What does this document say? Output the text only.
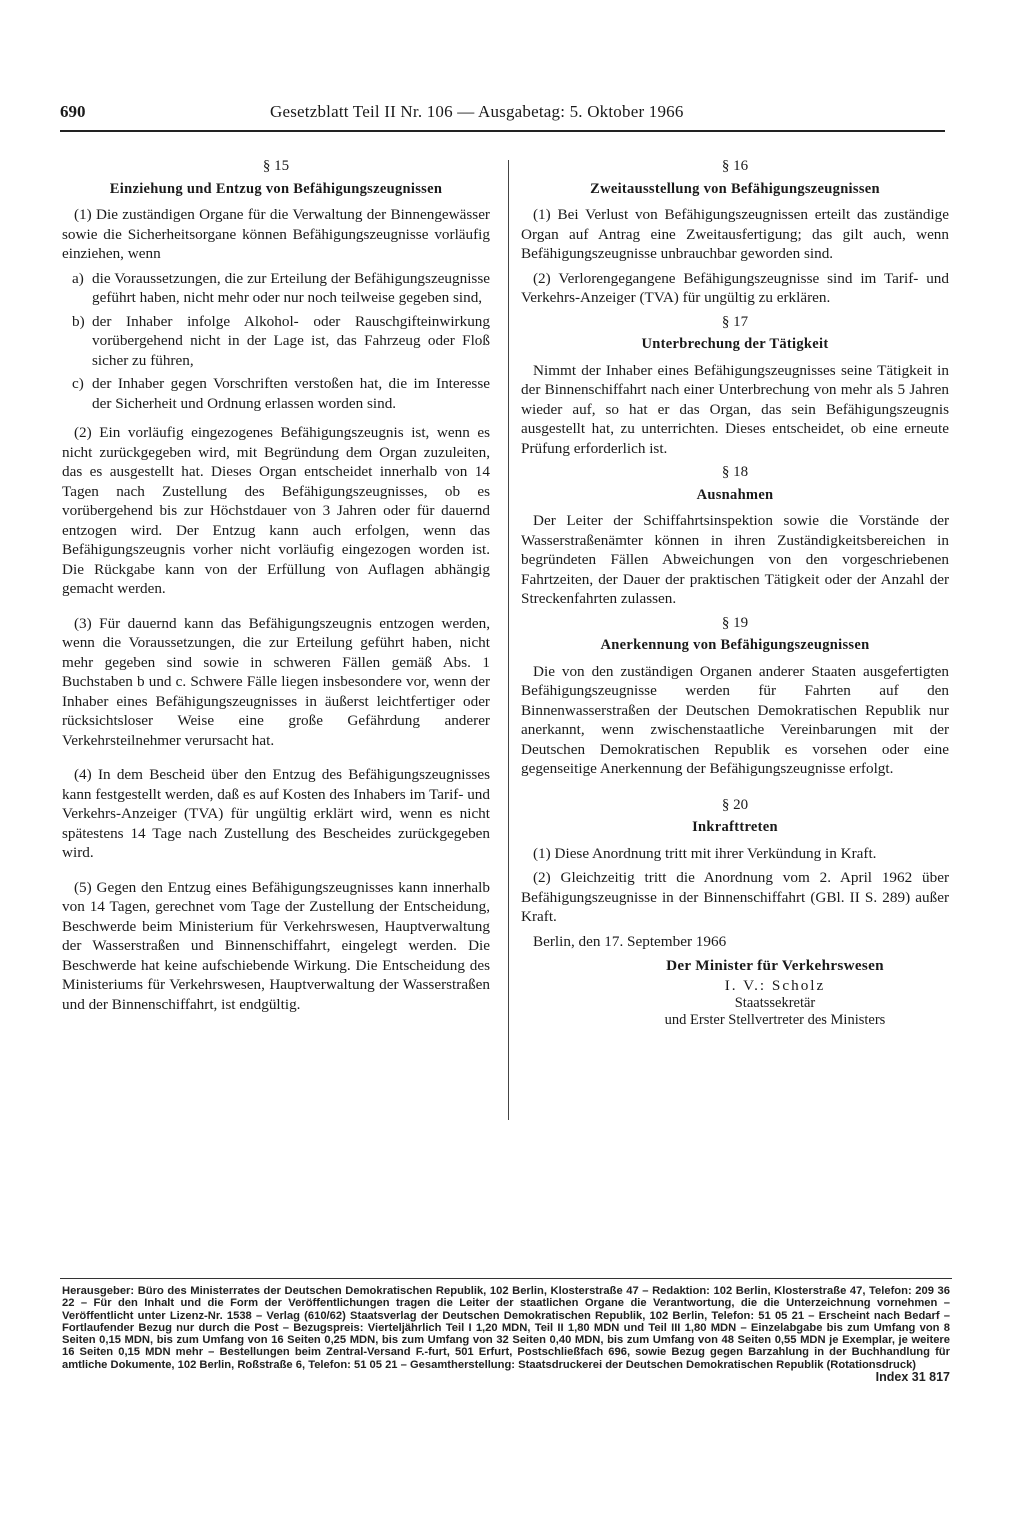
690	Gesetzblatt Teil II Nr. 106 — Ausgabetag: 5. Oktober 1966
§ 15
Einziehung und Entzug von Befähigungszeugnissen

(1) Die zuständigen Organe für die Verwaltung der Binnengewässer sowie die Sicherheitsorgane können Befähigungszeugnisse vorläufig einziehen, wenn

a) die Voraussetzungen, die zur Erteilung der Befähigungszeugnisse geführt haben, nicht mehr oder nur noch teilweise gegeben sind,
b) der Inhaber infolge Alkohol- oder Rauschgifteinwirkung vorübergehend nicht in der Lage ist, das Fahrzeug oder Floß sicher zu führen,
c) der Inhaber gegen Vorschriften verstoßen hat, die im Interesse der Sicherheit und Ordnung erlassen worden sind.

(2) Ein vorläufig eingezogenes Befähigungszeugnis ist, wenn es nicht zurückgegeben wird, mit Begründung dem Organ zuzuleiten, das es ausgestellt hat. Dieses Organ entscheidet innerhalb von 14 Tagen nach Zustellung des Befähigungszeugnisses, ob es vorübergehend bis zur Höchstdauer von 3 Jahren oder für dauernd entzogen wird. Der Entzug kann auch erfolgen, wenn das Befähigungszeugnis vorher nicht vorläufig eingezogen worden ist. Die Rückgabe kann von der Erfüllung von Auflagen abhängig gemacht werden.

(3) Für dauernd kann das Befähigungszeugnis entzogen werden, wenn die Voraussetzungen, die zur Erteilung geführt haben, nicht mehr gegeben sind sowie in schweren Fällen gemäß Abs. 1 Buchstaben b und c. Schwere Fälle liegen insbesondere vor, wenn der Inhaber eines Befähigungszeugnisses in äußerst leichtfertiger oder rücksichtsloser Weise eine große Gefährdung anderer Verkehrsteilnehmer verursacht hat.

(4) In dem Bescheid über den Entzug des Befähigungszeugnisses kann festgestellt werden, daß es auf Kosten des Inhabers im Tarif- und Verkehrs-Anzeiger (TVA) für ungültig erklärt wird, wenn es nicht spätestens 14 Tage nach Zustellung des Bescheides zurückgegeben wird.

(5) Gegen den Entzug eines Befähigungszeugnisses kann innerhalb von 14 Tagen, gerechnet vom Tage der Zustellung der Entscheidung, Beschwerde beim Ministerium für Verkehrswesen, Hauptverwaltung der Wasserstraßen und Binnenschiffahrt, eingelegt werden. Die Beschwerde hat keine aufschiebende Wirkung. Die Entscheidung des Ministeriums für Verkehrswesen, Hauptverwaltung der Wasserstraßen und der Binnenschiffahrt, ist endgültig.

§ 16
Zweitausstellung von Befähigungszeugnissen

(1) Bei Verlust von Befähigungszeugnissen erteilt das zuständige Organ auf Antrag eine Zweitausfertigung; das gilt auch, wenn Befähigungszeugnisse unbrauchbar geworden sind.

(2) Verlorengegangene Befähigungszeugnisse sind im Tarif- und Verkehrs-Anzeiger (TVA) für ungültig zu erklären.

§ 17
Unterbrechung der Tätigkeit

Nimmt der Inhaber eines Befähigungszeugnisses seine Tätigkeit in der Binnenschiffahrt nach einer Unterbrechung von mehr als 5 Jahren wieder auf, so hat er das Organ, das sein Befähigungszeugnis ausgestellt hat, zu unterrichten. Dieses entscheidet, ob eine erneute Prüfung erforderlich ist.

§ 18
Ausnahmen

Der Leiter der Schiffahrtsinspektion sowie die Vorstände der Wasserstraßenämter können in ihren Zuständigkeitsbereichen in begründeten Fällen Abweichungen von den vorgeschriebenen Fahrtzeiten, der Dauer der praktischen Tätigkeit oder der Anzahl der Streckenfahrten zulassen.

§ 19
Anerkennung von Befähigungszeugnissen

Die von den zuständigen Organen anderer Staaten ausgefertigten Befähigungszeugnisse werden für Fahrten auf den Binnenwasserstraßen der Deutschen Demokratischen Republik nur anerkannt, wenn zwischenstaatliche Vereinbarungen mit der Deutschen Demokratischen Republik es vorsehen oder eine gegenseitige Anerkennung der Befähigungszeugnisse erfolgt.

§ 20
Inkrafttreten

(1) Diese Anordnung tritt mit ihrer Verkündung in Kraft.

(2) Gleichzeitig tritt die Anordnung vom 2. April 1962 über Befähigungszeugnisse in der Binnenschiffahrt (GBl. II S. 289) außer Kraft.

Berlin, den 17. September 1966

Der Minister für Verkehrswesen
I. V.: Scholz
Staatssekretär
und Erster Stellvertreter des Ministers
Herausgeber: Büro des Ministerrates der Deutschen Demokratischen Republik, 102 Berlin, Klosterstraße 47 – Redaktion: 102 Berlin, Klosterstraße 47, Telefon: 209 36 22 – Für den Inhalt und die Form der Veröffentlichungen tragen die Leiter der staatlichen Organe die Verantwortung, die die Unterzeichnung vornehmen – Veröffentlicht unter Lizenz-Nr. 1538 – Verlag (610/62) Staatsverlag der Deutschen Demokratischen Republik, 102 Berlin, Telefon: 51 05 21 – Erscheint nach Bedarf – Fortlaufender Bezug nur durch die Post – Bezugspreis: Vierteljährlich Teil I 1,20 MDN, Teil II 1,80 MDN und Teil III 1,80 MDN – Einzelabgabe bis zum Umfang von 8 Seiten 0,15 MDN, bis zum Umfang von 16 Seiten 0,25 MDN, bis zum Umfang von 32 Seiten 0,40 MDN, bis zum Umfang von 48 Seiten 0,55 MDN je Exemplar, je weitere 16 Seiten 0,15 MDN mehr – Bestellungen beim Zentral-Versand F.-furt, 501 Erfurt, Postschließfach 696, sowie Bezug gegen Barzahlung in der Buchhandlung für amtliche Dokumente, 102 Berlin, Roßstraße 6, Telefon: 51 05 21 – Gesamtherstellung: Staatsdruckerei der Deutschen Demokratischen Republik (Rotationsdruck)
Index 31 817
